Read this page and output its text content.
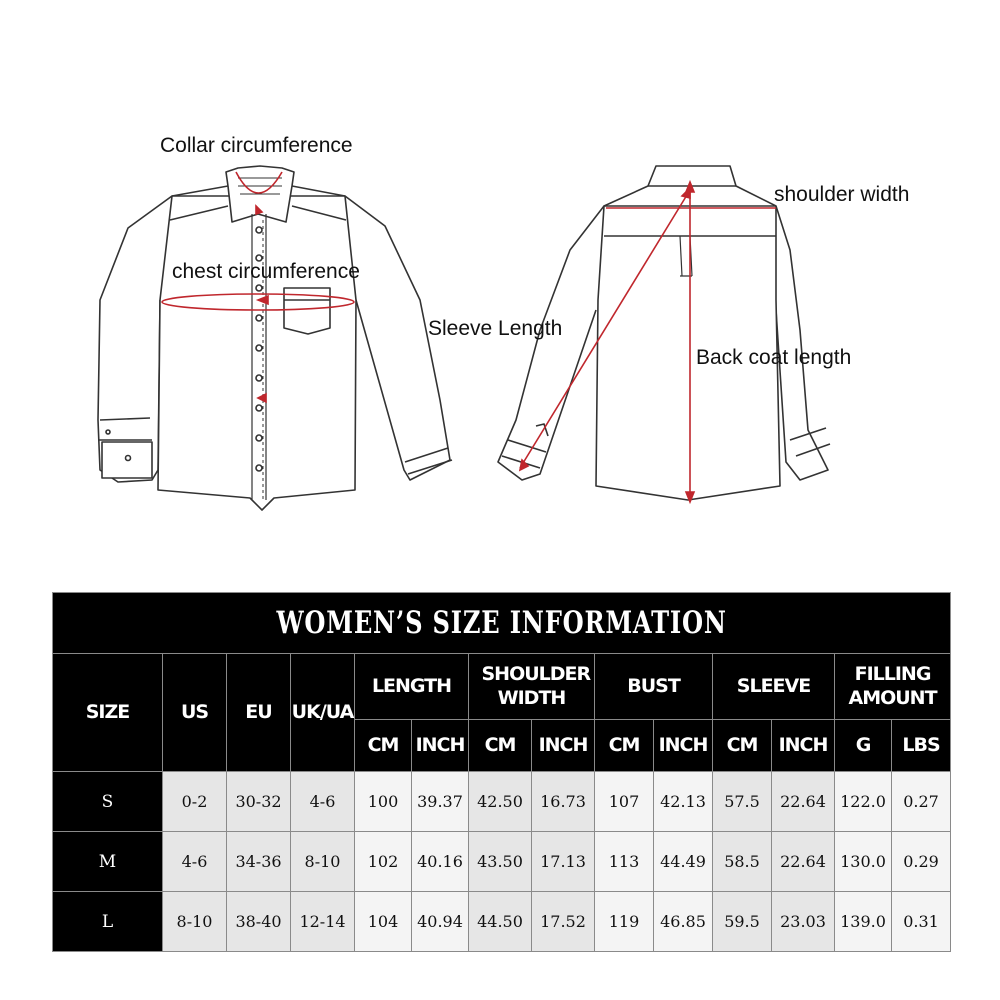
Collar circumference
chest circumference
Sleeve Length
shoulder width
Back coat length
WOMEN’S SIZE INFORMATION													
SIZE	US	EU	UK/UA	LENGTH		SHOULDER WIDTH		BUST		SLEEVE		FILLING AMOUNT	
				CM	INCH	CM	INCH	CM	INCH	CM	INCH	G	LBS
S	0-2	30-32	4-6	100	39.37	42.50	16.73	107	42.13	57.5	22.64	122.0	0.27
M	4-6	34-36	8-10	102	40.16	43.50	17.13	113	44.49	58.5	22.64	130.0	0.29
L	8-10	38-40	12-14	104	40.94	44.50	17.52	119	46.85	59.5	23.03	139.0	0.31
